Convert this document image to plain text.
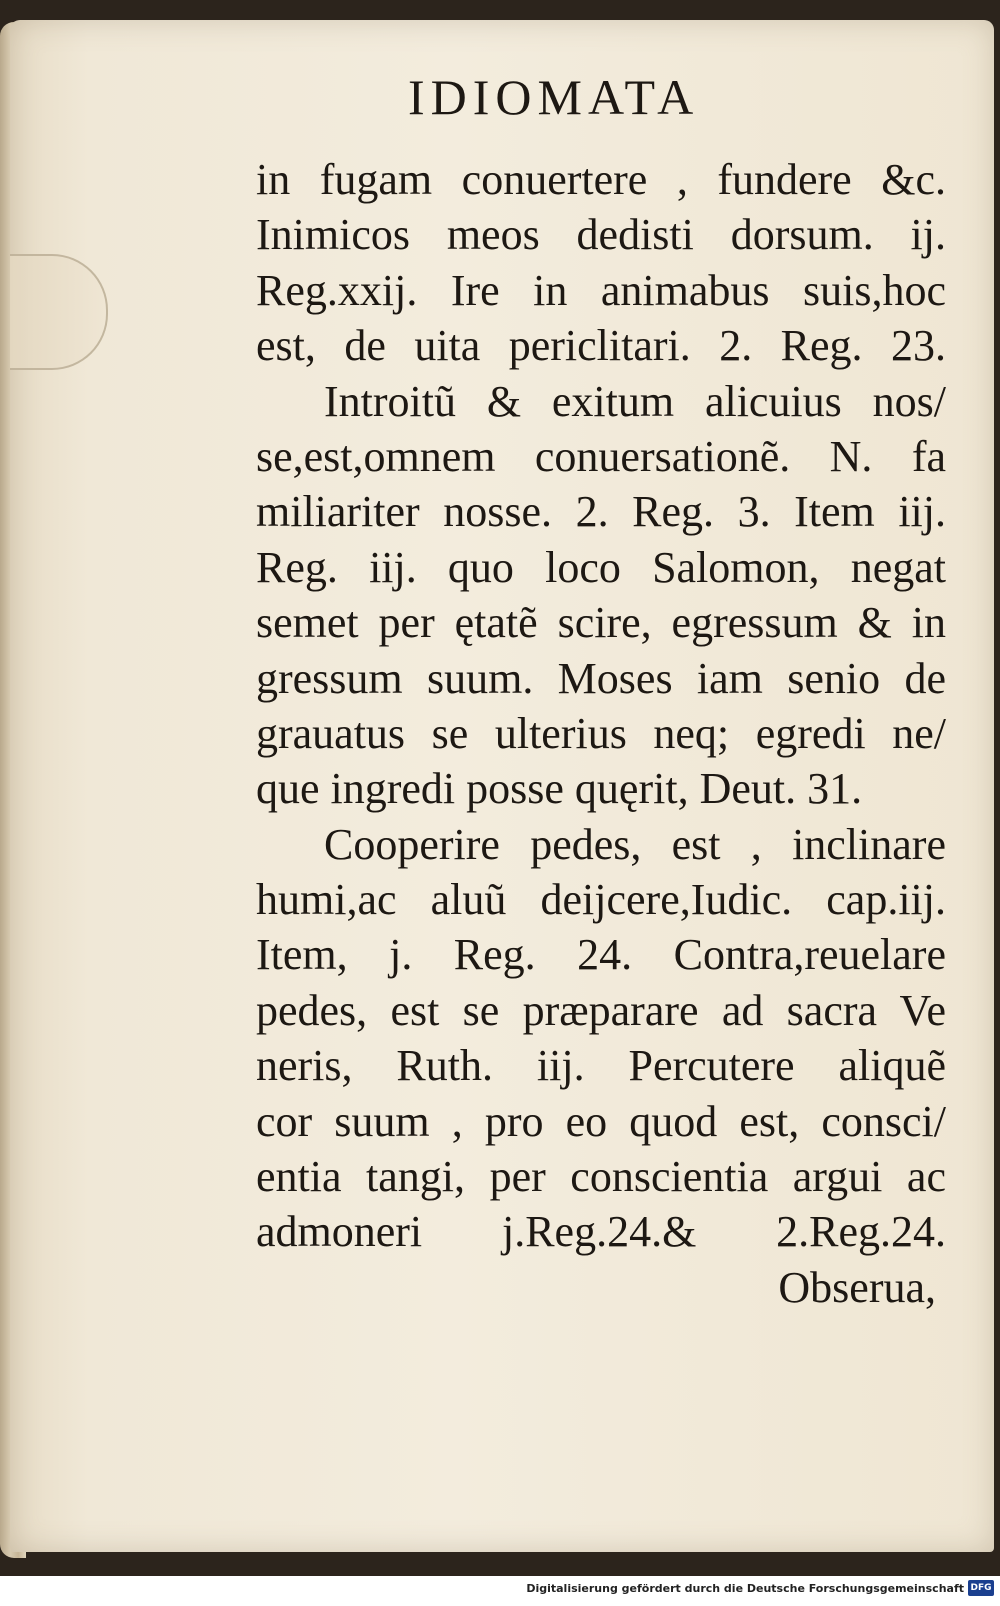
IDIOMATA
in fugam conuertere , fundere &c.
Inimicos meos dedisti dorsum. ij.
Reg.xxij. Ire in animabus suis,hoc
est, de uita periclitari. 2. Reg. 23.
Introitũ & exitum alicuius nos/
se,est,omnem conuersationẽ. N. fa
miliariter nosse. 2. Reg. 3. Item iij.
Reg. iij. quo loco Salomon, negat
semet per ętatẽ scire, egressum & in
gressum suum. Moses iam senio de
grauatus se ulterius neq; egredi ne/
que ingredi posse quęrit, Deut. 31.
Cooperire pedes, est , inclinare
humi,ac aluũ deijcere,Iudic. cap.iij.
Item, j. Reg. 24. Contra,reuelare
pedes, est se præparare ad sacra Ve
neris, Ruth. iij. Percutere aliquẽ
cor suum , pro eo quod est, consci/
entia tangi, per conscientia argui ac
admoneri j.Reg.24.& 2.Reg.24.
Obserua,
Digitalisierung gefördert durch die Deutsche Forschungsgemeinschaft DFG
